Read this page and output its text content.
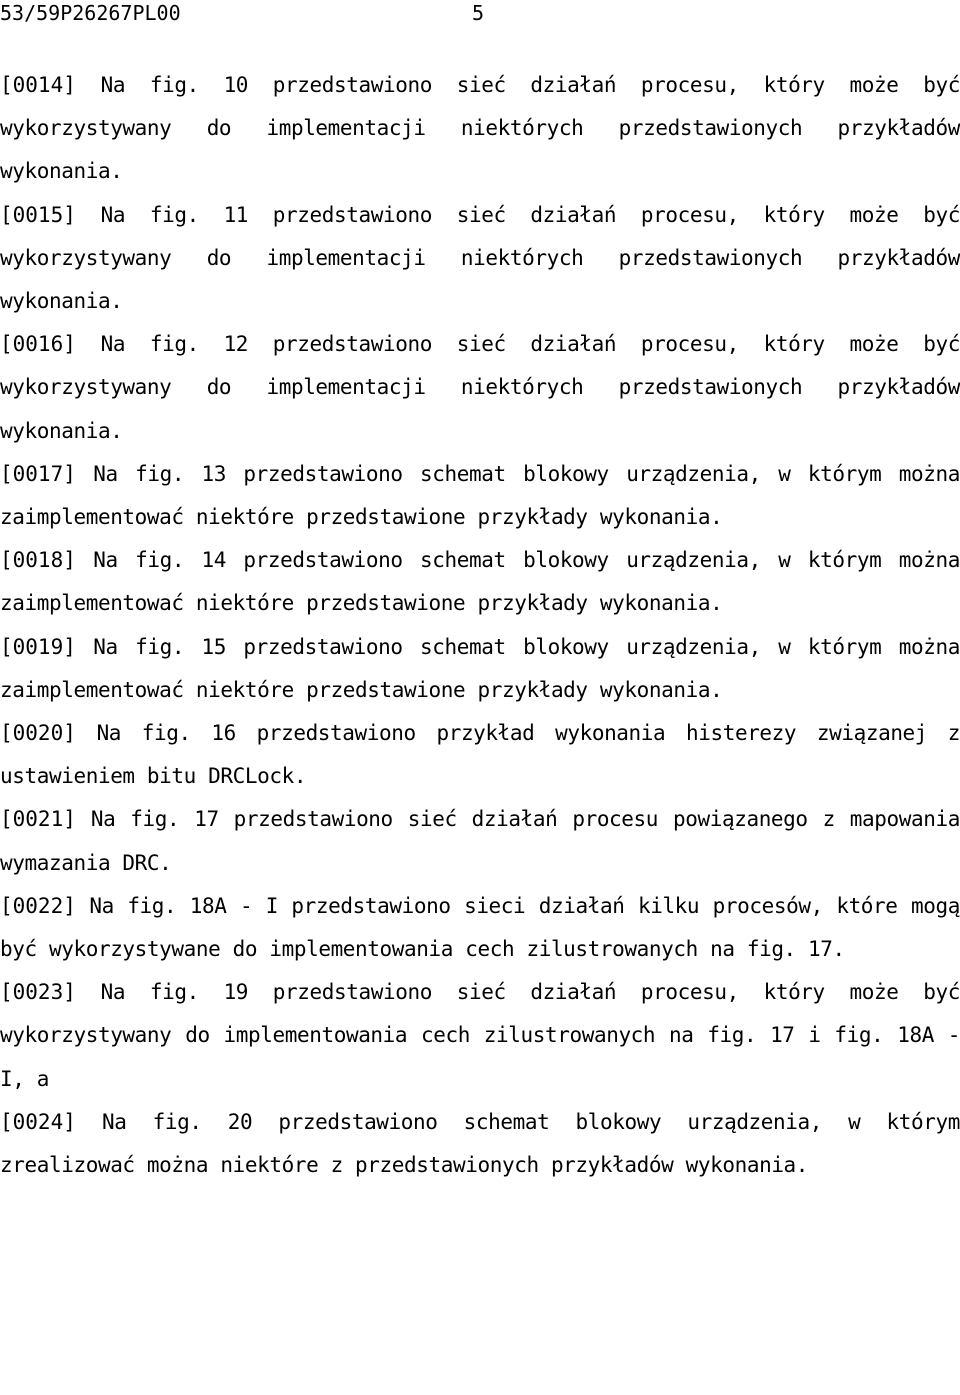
53/59P26267PL00	5

[0014] Na fig. 10 przedstawiono sieć działań procesu, który może być wykorzystywany do implementacji niektórych przedstawionych przykładów wykonania.

[0015] Na fig. 11 przedstawiono sieć działań procesu, który może być wykorzystywany do implementacji niektórych przedstawionych przykładów wykonania.

[0016] Na fig. 12 przedstawiono sieć działań procesu, który może być wykorzystywany do implementacji niektórych przedstawionych przykładów wykonania.

[0017] Na fig. 13 przedstawiono schemat blokowy urządzenia, w którym można zaimplementować niektóre przedstawione przykłady wykonania.

[0018] Na fig. 14 przedstawiono schemat blokowy urządzenia, w którym można zaimplementować niektóre przedstawione przykłady wykonania.

[0019] Na fig. 15 przedstawiono schemat blokowy urządzenia, w którym można zaimplementować niektóre przedstawione przykłady wykonania.

[0020] Na fig. 16 przedstawiono przykład wykonania histerezy związanej z ustawieniem bitu DRCLock.

[0021] Na fig. 17 przedstawiono sieć działań procesu powiązanego z mapowania wymazania DRC.

[0022] Na fig. 18A - I przedstawiono sieci działań kilku procesów, które mogą być wykorzystywane do implementowania cech zilustrowanych na fig. 17.

[0023] Na fig. 19 przedstawiono sieć działań procesu, który może być wykorzystywany do implementowania cech zilustrowanych na fig. 17 i fig. 18A - I, a

[0024] Na fig. 20 przedstawiono schemat blokowy urządzenia, w którym zrealizować można niektóre z przedstawionych przykładów wykonania.
